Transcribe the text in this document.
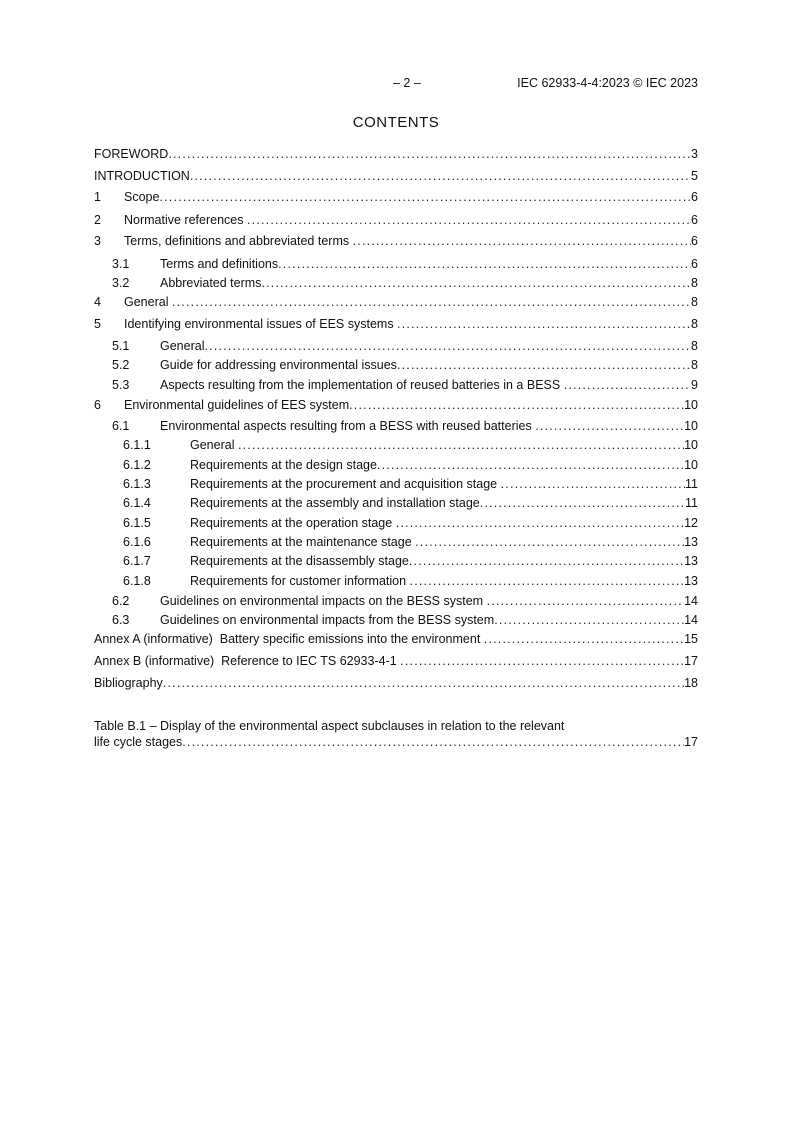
– 2 –	IEC 62933-4-4:2023 © IEC 2023
CONTENTS
FOREWORD .....	3
INTRODUCTION .....	5
1 Scope .....	6
2 Normative references .....	6
3 Terms, definitions and abbreviated terms .....	6
3.1 Terms and definitions .....	6
3.2 Abbreviated terms .....	8
4 General .....	8
5 Identifying environmental issues of EES systems .....	8
5.1 General .....	8
5.2 Guide for addressing environmental issues .....	8
5.3 Aspects resulting from the implementation of reused batteries in a BESS .....	9
6 Environmental guidelines of EES system .....	10
6.1 Environmental aspects resulting from a BESS with reused batteries .....	10
6.1.1	General .....	10
6.1.2	Requirements at the design stage .....	10
6.1.3	Requirements at the procurement and acquisition stage .....	11
6.1.4	Requirements at the assembly and installation stage .....	11
6.1.5	Requirements at the operation stage .....	12
6.1.6	Requirements at the maintenance stage .....	13
6.1.7	Requirements at the disassembly stage .....	13
6.1.8	Requirements for customer information .....	13
6.2 Guidelines on environmental impacts on the BESS system .....	14
6.3 Guidelines on environmental impacts from the BESS system .....	14
Annex A (informative)  Battery specific emissions into the environment .....	15
Annex B (informative)  Reference to IEC TS 62933-4-1 .....	17
Bibliography .....	18
Table B.1 – Display of the environmental aspect subclauses in relation to the relevant
life cycle stages .....	17
